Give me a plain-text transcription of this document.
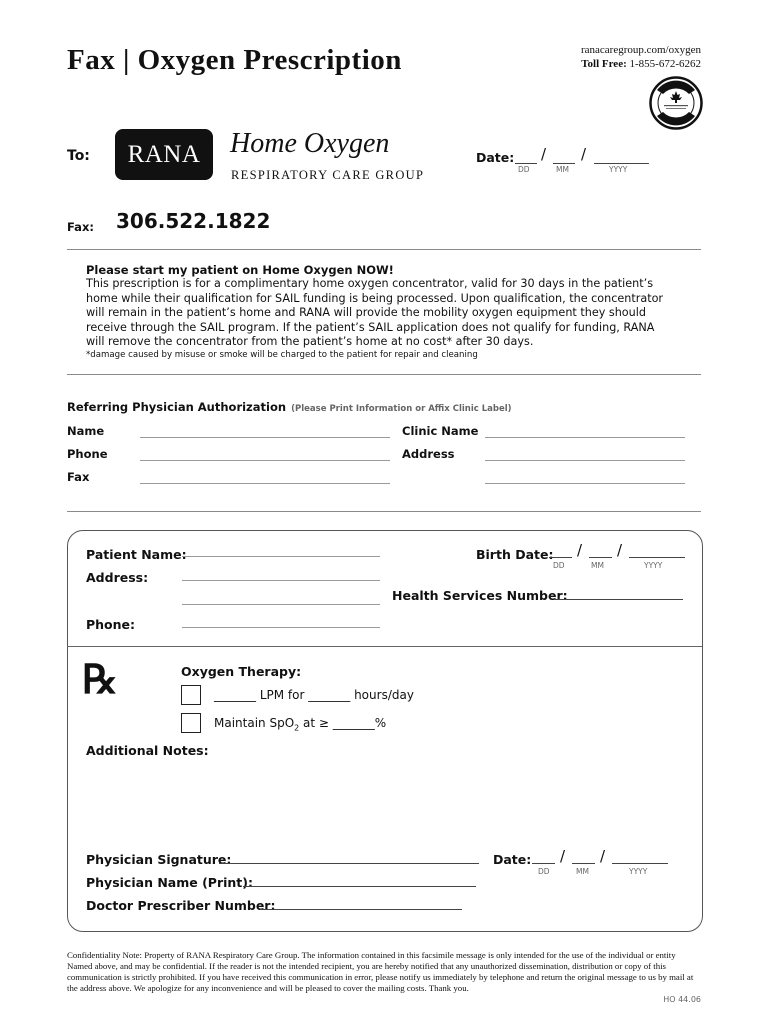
Fax | Oxygen Prescription	ranacaregroup.com/oxygen
Toll Free: 1-855-672-6262
To:	RANA	Home Oxygen
RESPIRATORY CARE GROUP
Date: / /
DD	MM	YYYY
Fax: 306.522.1822
Please start my patient on Home Oxygen NOW!
This prescription is for a complimentary home oxygen concentrator, valid for 30 days in the patient’s
home while their qualification for SAIL funding is being processed. Upon qualification, the concentrator
will remain in the patient’s home and RANA will provide the mobility oxygen equipment they should
receive through the SAIL program. If the patient’s SAIL application does not qualify for funding, RANA
will remove the concentrator from the patient’s home at no cost* after 30 days.
*damage caused by misuse or smoke will be charged to the patient for repair and cleaning
Referring Physician Authorization (Please Print Information or Affix Clinic Label)
Name
Phone
Fax
Clinic Name
Address
Patient Name:	Birth Date: / /
DD	MM	YYYY
Address:
Health Services Number:
Phone:
℞	Oxygen Therapy:
_______ LPM for _______ hours/day
Maintain SpO$_2$ at ≥ _______%
Additional Notes:
Physician Signature:	Date: / /
DD	MM	YYYY
Physician Name (Print):
Doctor Prescriber Number:
Confidentiality Note: Property of RANA Respiratory Care Group. The information contained in this facsimile message is only intended for the use of the individual or entity
Named above, and may be confidential. If the reader is not the intended recipient, you are hereby notified that any unauthorized dissemination, distribution or copy of this
communication is strictly prohibited. If you have received this communication in error, please notify us immediately by telephone and return the original message to us by mail at
the address above. We apologize for any inconvenience and will be pleased to cover the mailing costs. Thank you.
HO 44.06
